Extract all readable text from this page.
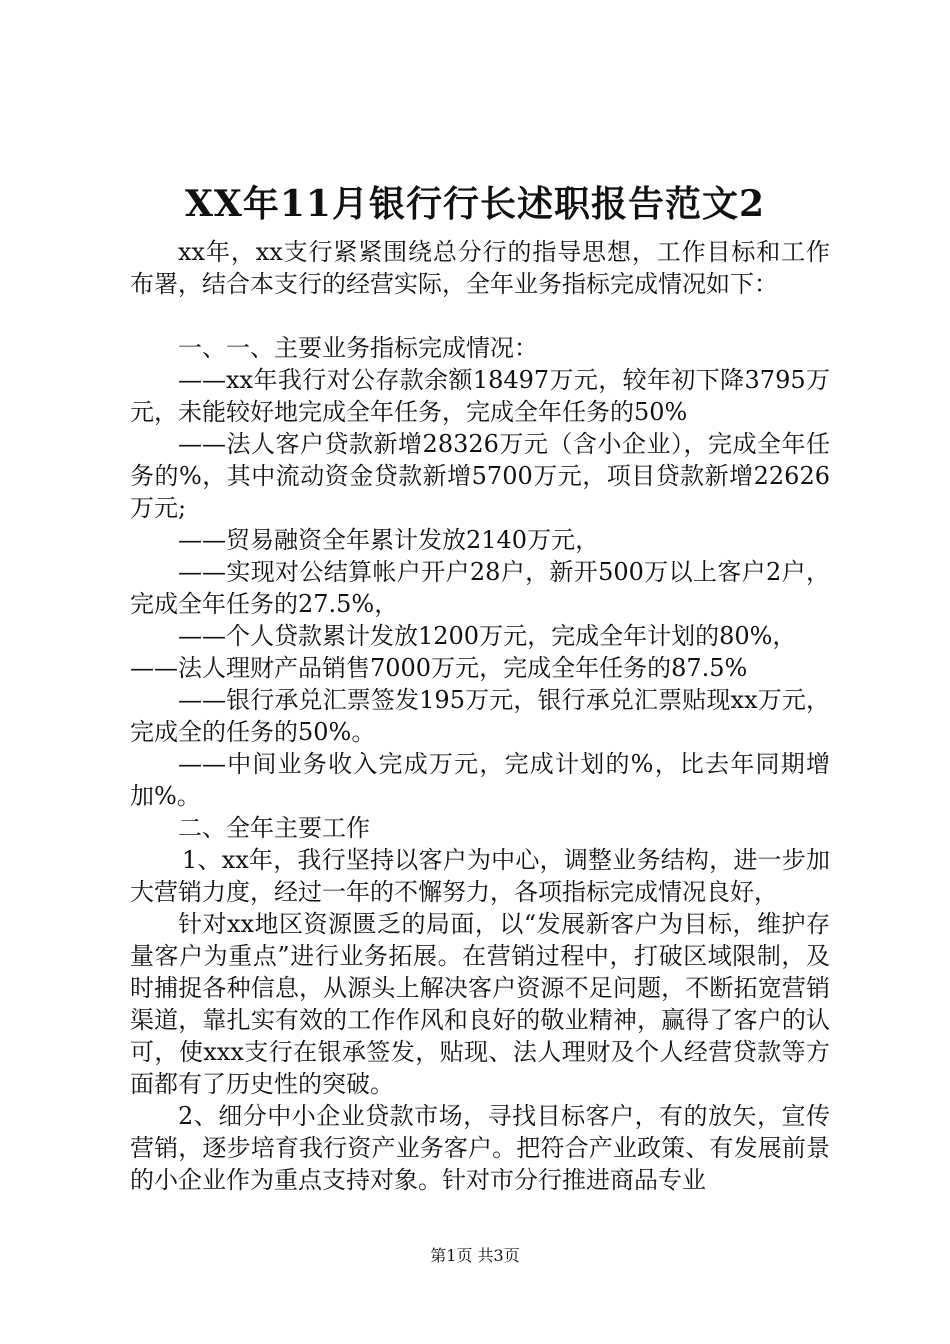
XX年11月银行行长述职报告范文2

xx年，xx支行紧紧围绕总分行的指导思想，工作目标和工作布署，结合本支行的经营实际，全年业务指标完成情况如下：

一、一、主要业务指标完成情况：

——xx年我行对公存款余额18497万元，较年初下降3795万元，未能较好地完成全年任务，完成全年任务的50%

——法人客户贷款新增28326万元（含小企业），完成全年任务的%，其中流动资金贷款新增5700万元，项目贷款新增22626万元;

——贸易融资全年累计发放2140万元，

——实现对公结算帐户开户28户，新开500万以上客户2户，完成全年任务的27.5%，

——个人贷款累计发放1200万元，完成全年计划的80%，

——法人理财产品销售7000万元，完成全年任务的87.5%

——银行承兑汇票签发195万元，银行承兑汇票贴现xx万元，完成全的任务的50%。

——中间业务收入完成万元，完成计划的%，比去年同期增加%。

二、全年主要工作

1、xx年，我行坚持以客户为中心，调整业务结构，进一步加大营销力度，经过一年的不懈努力，各项指标完成情况良好，

针对xx地区资源匮乏的局面，以“发展新客户为目标，维护存量客户为重点”进行业务拓展。在营销过程中，打破区域限制，及时捕捉各种信息，从源头上解决客户资源不足问题，不断拓宽营销渠道，靠扎实有效的工作作风和良好的敬业精神，赢得了客户的认可，使xxx支行在银承签发，贴现、法人理财及个人经营贷款等方面都有了历史性的突破。

2、细分中小企业贷款市场，寻找目标客户，有的放矢，宣传营销，逐步培育我行资产业务客户。把符合产业政策、有发展前景的小企业作为重点支持对象。针对市分行推进商品专业

第1页 共3页
